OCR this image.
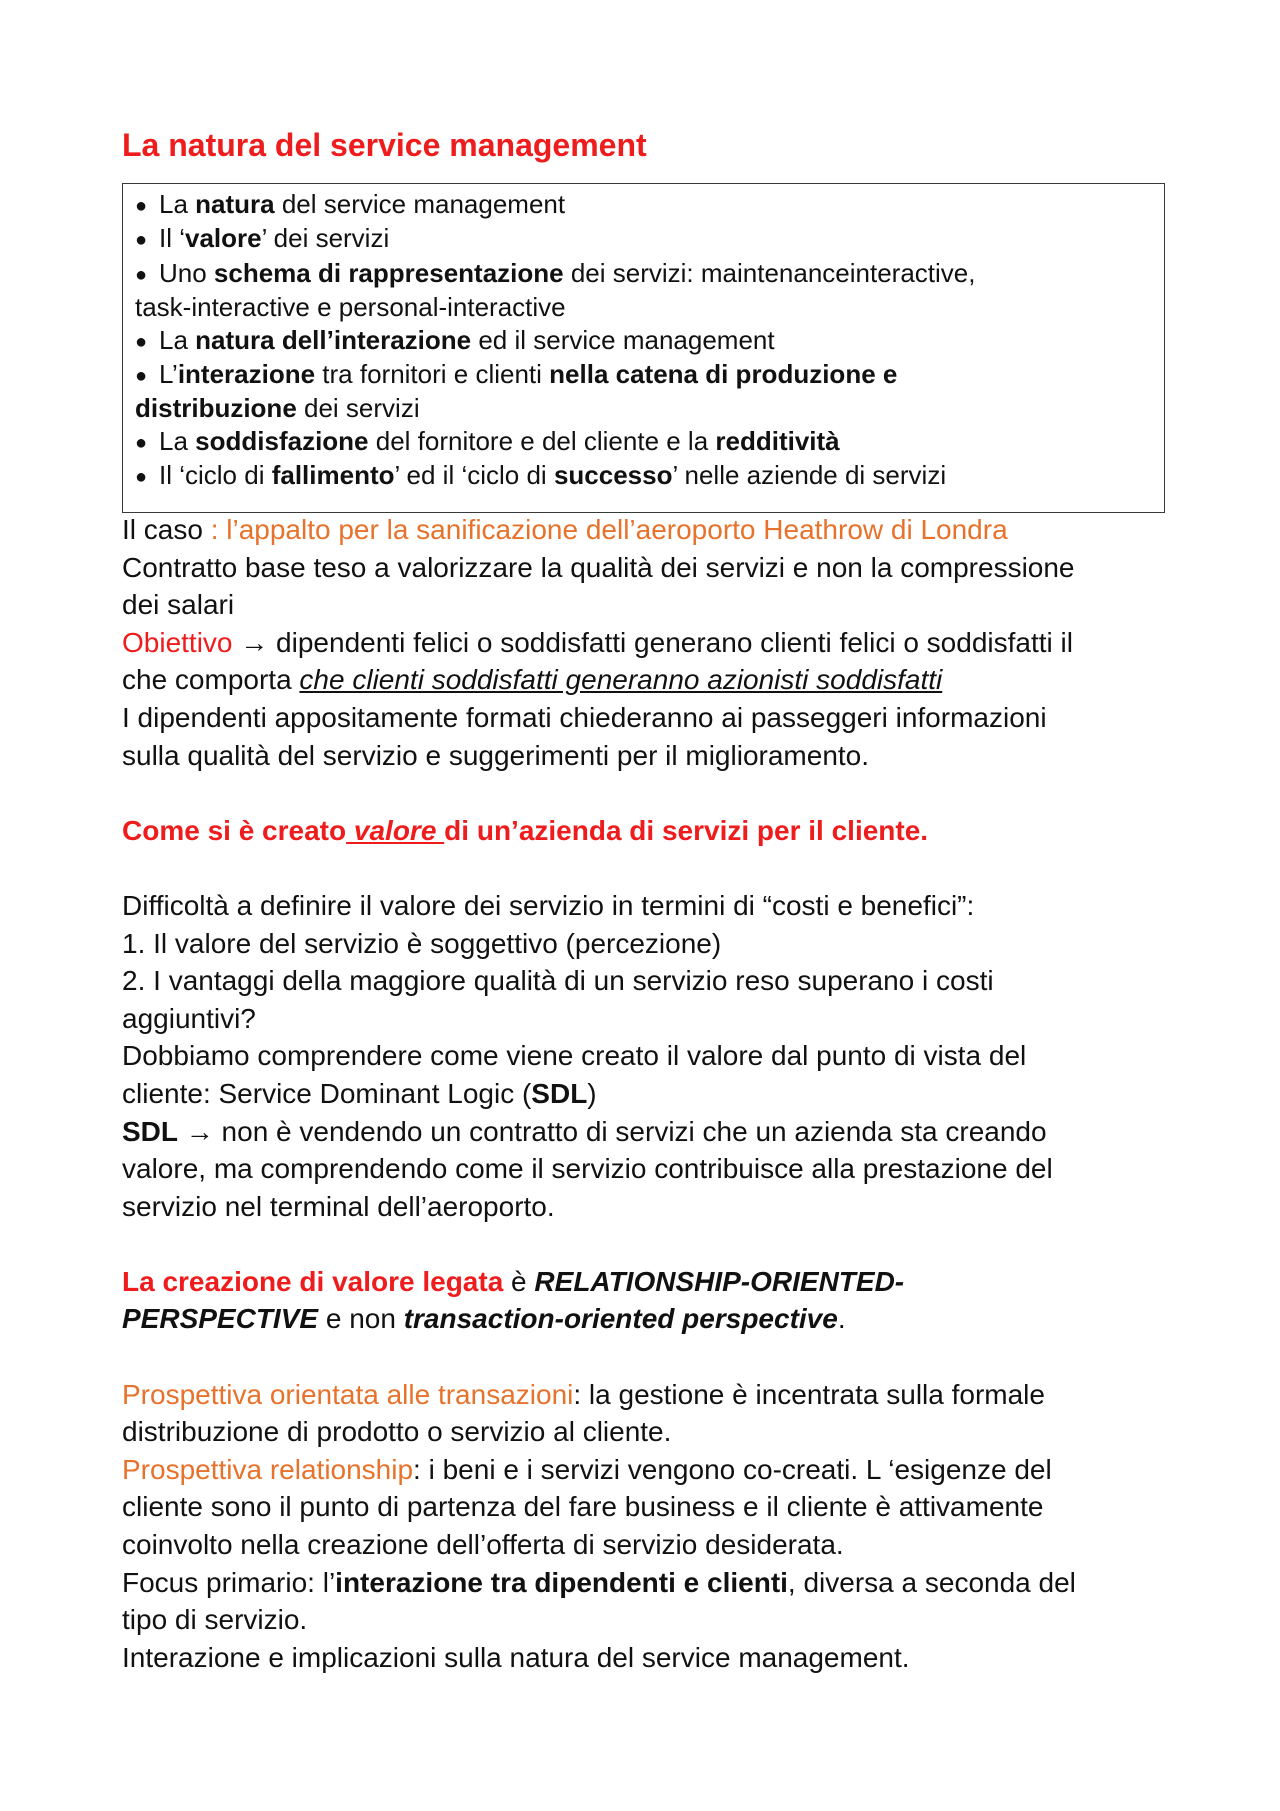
La natura del service management
● La natura del service management
● Il ‘valore’ dei servizi
● Uno schema di rappresentazione dei servizi: maintenanceinteractive,
task-interactive e personal-interactive
● La natura dell’interazione ed il service management
● L’interazione tra fornitori e clienti nella catena di produzione e
distribuzione dei servizi
● La soddisfazione del fornitore e del cliente e la redditività
● Il ‘ciclo di fallimento’ ed il ‘ciclo di successo’ nelle aziende di servizi

Il caso : l’appalto per la sanificazione dell’aeroporto Heathrow di Londra

Contratto base teso a valorizzare la qualità dei servizi e non la compressione
dei salari

Obiettivo → dipendenti felici o soddisfatti generano clienti felici o soddisfatti il
che comporta che clienti soddisfatti generanno azionisti soddisfatti

I dipendenti appositamente formati chiederanno ai passeggeri informazioni
sulla qualità del servizio e suggerimenti per il miglioramento.

Come si è creato valore di un’azienda di servizi per il cliente.

Difficoltà a definire il valore dei servizio in termini di “costi e benefici”:
1. Il valore del servizio è soggettivo (percezione)
2. I vantaggi della maggiore qualità di un servizio reso superano i costi
aggiuntivi?
Dobbiamo comprendere come viene creato il valore dal punto di vista del
cliente: Service Dominant Logic (SDL)

SDL → non è vendendo un contratto di servizi che un azienda sta creando
valore, ma comprendendo come il servizio contribuisce alla prestazione del
servizio nel terminal dell’aeroporto.

La creazione di valore legata è RELATIONSHIP-ORIENTED-
PERSPECTIVE e non transaction-oriented perspective.

Prospettiva orientata alle transazioni: la gestione è incentrata sulla formale
distribuzione di prodotto o servizio al cliente.

Prospettiva relationship: i beni e i servizi vengono co-creati. L ‘esigenze del
cliente sono il punto di partenza del fare business e il cliente è attivamente
coinvolto nella creazione dell’offerta di servizio desiderata.

Focus primario: l’interazione tra dipendenti e clienti, diversa a seconda del
tipo di servizio.

Interazione e implicazioni sulla natura del service management.
